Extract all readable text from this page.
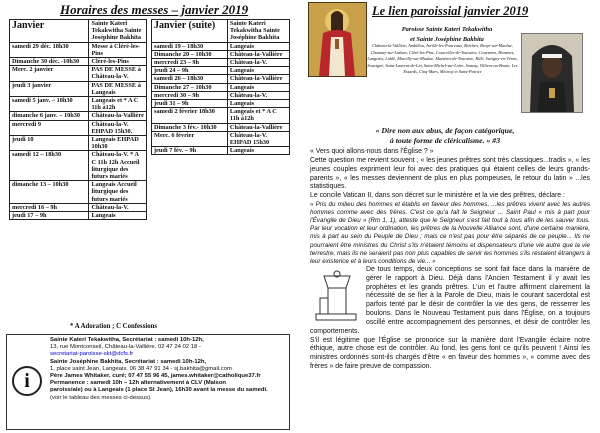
Horaires des messes – janvier 2019
Janvier	Sainte Kateri Tekakwitha Sainte Joséphine Bakhita
samedi 29 déc. 18h30	Messe à Cléré-les-Pins
Dimanche 30 déc. -10h30	Cléré-les-Pins
Merc. 2 janvier	PAS DE MESSE à Château-la-V.
jeudi 3 janvier	PAS DE MESSE à Langeais
samedi 5 janv. – 18h30	Langeais et * A C 11h à12h
dimanche 6 janv. – 10h30	Château-la-Vallière
mercredi 9	Château-la-V. EHPAD 15h30.
jeudi 10	Langeais EHPAD 10h30
samedi 12 – 18h30	Château-la-V. * A C 11h 12h Accueil liturgique des futurs mariés
dimanche 13 – 10h30	Langeais Accueil liturgique des futurs mariés
mercredi 16 – 9h	Château-la-V.
jeudi 17 – 9h	Langeais
Janvier (suite)	Sainte Kateri Tekakwitha Sainte Joséphine Bakhita
samedi 19 – 18h30	Langeais
Dimanche 20 – 10h30	Château-la-Vallière
mercredi 23 – 9h	Château-la-V.
jeudi 24 – 9h	Langeais
samedi 26 – 18h30	Château-la-Vallière
Dimanche 27 – 10h30	Langeais
mercredi 30 – 9h	Château-la-V.
jeudi 31 – 9h	Langeais
samedi 2 février 18h30	Langeais et * A C 11h à12h
Dimanche 3 fév.- 10h30	Château-la-Vallière
Merc. 6 février	Château-la-V. EHPAD 15h30
jeudi 7 fév. – 9h	Langeais
* A Adoration ; C Confessions
i
Sainte Kateri Tekakwitha, Secrétariat : samedi 10h-12h,
13, rue Montconseil, Château-la-Vallière. 02 47 24 02 18 -
secretariat-paroisse-skt@dcfs.fr
Sainte Joséphine Bakhita, Secrétariat : samedi 10h-12h,
1, place saint Jean, Langeais. 06 38 47 91 34 - sj.bakhita@gmail.com
Père James Whitaker, curé; 07 47 55 96 45, james.whitaker@catholique37.fr
Permanence : samedi 10h – 12h alternativement à CLV (Maison
paroissiale) ou à Langeais (1 place St Jean), 16h30 avant la messe du samedi.
(voir le tableau des messes ci-dessus).
Le lien paroissial janvier 2019
Paroisse Sainte Kateri Tekakwitha
et Sainte Joséphine Bakhita
Château-la-Vallière, Ambillou, Avrillé-les-Ponceaux, Brèches, Braye-sur-Maulne, Channay-sur-Lathan, Cléré-les-Pins, Courcelles-de-Touraine, Couesmes, Hommes, Langeais, Lublé, Marcilly-sur-Maulne, Mazières-de-Touraine, Rillé, Savigny-en-Véron, Souvigné, Saint-Laurent-de-Lin, Saint-Michel-sur-Loire, Sonzay, Villiers-au-Bouin, Les Essards, Cinq-Mars, Mettray et Saint-Patrice
« Dire non aux abus, de façon catégorique,
à toute forme de cléricalisme. » #3

« Vers quoi allons-nous dans l'Église ? »

Cette question me revient souvent ; « les jeunes prêtres sont très classiques...tradis », « les jeunes couples expriment leur foi avec des pratiques qui étaient celles de leurs grands-parents », « les messes deviennent de plus en plus pompeuses, le retour du latin » ...les statistiques.

Le concile Vatican II, dans son décret sur le ministère et la vie des prêtres, déclare :

« Pris du milieu des hommes et établis en faveur des hommes, ...les prêtres vivent avec les autres hommes comme avec des frères. C'est ce qu'a fait le Seigneur ... Saint Paul « mis à part pour l'Évangile de Dieu » (Rm 1, 1), atteste que le Seigneur s'est fait tout à tous afin de les sauver tous. Par leur vocation et leur ordination, les prêtres de la Nouvelle Alliance sont, d'une certaine manière, mis à part au sein du Peuple de Dieu ; mais ce n'est pas pour être séparés de ce peuple... Ils ne pourraient être ministres du Christ s'ils n'étaient témoins et dispensateurs d'une vie autre que la vie terrestre, mais ils ne seraient pas non plus capables de servir les hommes s'ils restaient étrangers à leur existence et à leurs conditions de vie... »

De tous temps, deux conceptions se sont fait face dans la manière de gérer le rapport à Dieu. Déjà dans l'Ancien Testament il y avait les prophètes et les grands prêtres. L'un et l'autre affirment clairement la nécessité de se fier à la Parole de Dieu, mais le courant sacerdotal est parfois tenté par le désir de contrôler la vie des gens, de resserrer les boulons. Dans le Nouveau Testament puis dans l'Église, on a toujours oscillé entre accompagnement des personnes, et désir de contrôler les comportements.

S'il est légitime que l'Église se prononce sur la manière dont l'Evangile éclaire notre éthique, autre chose est de contrôler. Au fond, les gens font ce qu'ils peuvent ! Ainsi les ministres ordonnés sont-ils chargés d'être « en faveur des hommes », « comme avec des frères » de faire preuve de compassion.
